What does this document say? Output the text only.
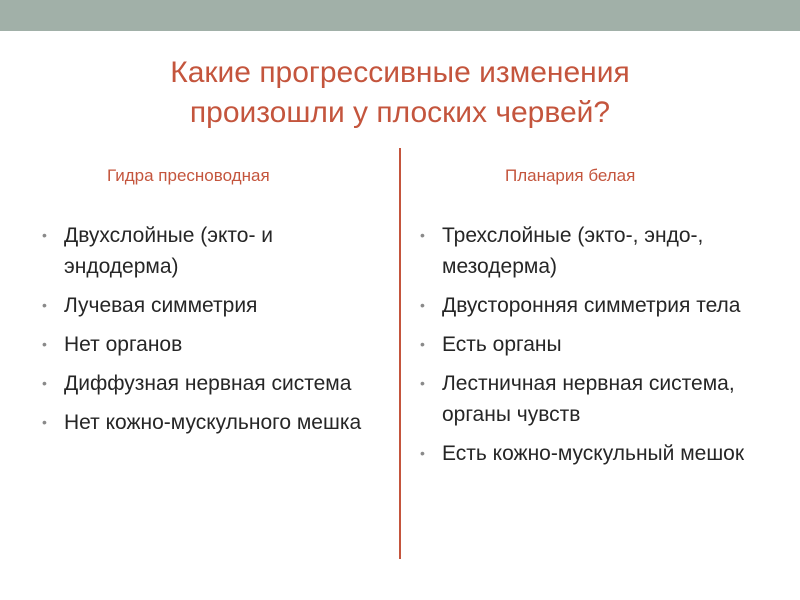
Какие прогрессивные изменения
произошли у плоских червей?
Гидра пресноводная	Планария белая
• Двухслойные (экто- и эндодерма)
• Лучевая симметрия
• Нет органов
• Диффузная нервная система
• Нет кожно-мускульного мешка
• Трехслойные (экто-, эндо-, мезодерма)
• Двусторонняя симметрия тела
• Есть органы
• Лестничная нервная система, органы чувств
• Есть кожно-мускульный мешок
